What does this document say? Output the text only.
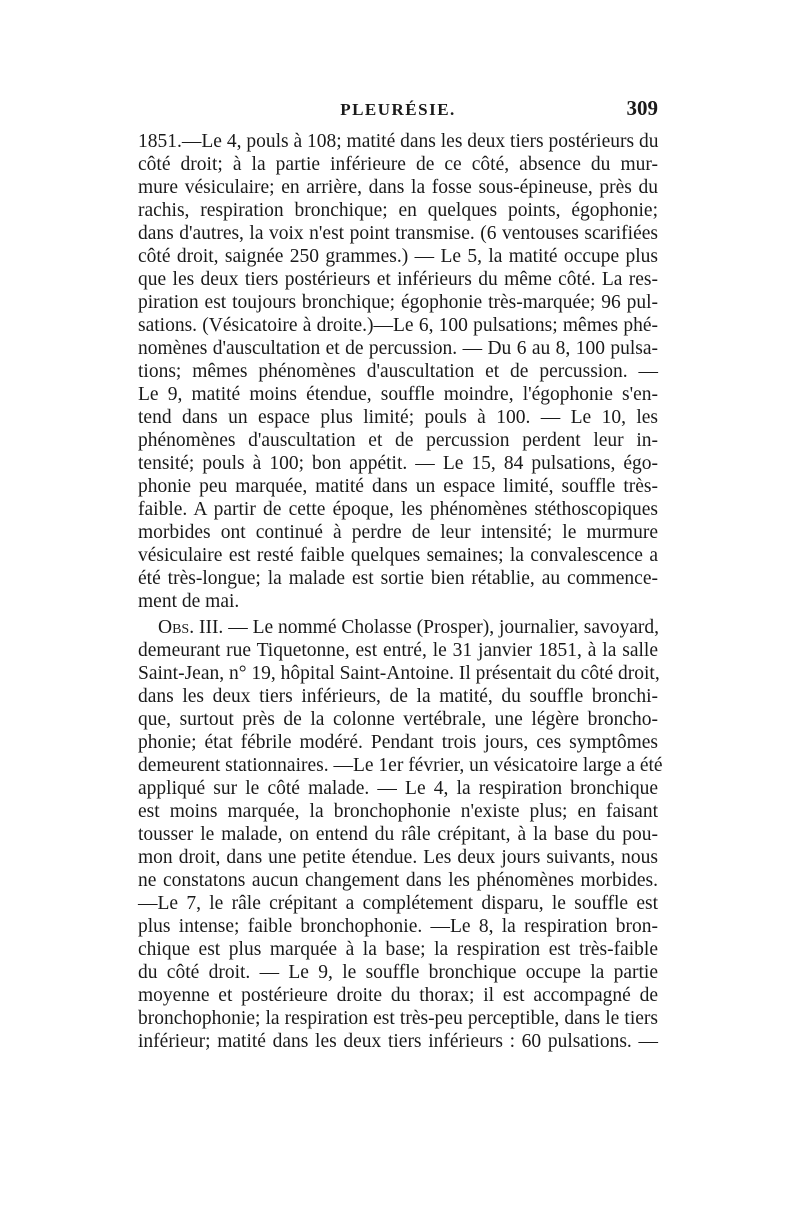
PLEURÉSIE.	309
1851.—Le 4, pouls à 108; matité dans les deux tiers postérieurs du
côté droit; à la partie inférieure de ce côté, absence du mur-
mure vésiculaire; en arrière, dans la fosse sous-épineuse, près du
rachis, respiration bronchique; en quelques points, égophonie;
dans d'autres, la voix n'est point transmise. (6 ventouses scarifiées
côté droit, saignée 250 grammes.) — Le 5, la matité occupe plus
que les deux tiers postérieurs et inférieurs du même côté. La res-
piration est toujours bronchique; égophonie très-marquée; 96 pul-
sations. (Vésicatoire à droite.)—Le 6, 100 pulsations; mêmes phé-
nomènes d'auscultation et de percussion. — Du 6 au 8, 100 pulsa-
tions; mêmes phénomènes d'auscultation et de percussion. —
Le 9, matité moins étendue, souffle moindre, l'égophonie s'en-
tend dans un espace plus limité; pouls à 100. — Le 10, les
phénomènes d'auscultation et de percussion perdent leur in-
tensité; pouls à 100; bon appétit. — Le 15, 84 pulsations, égo-
phonie peu marquée, matité dans un espace limité, souffle très-
faible. A partir de cette époque, les phénomènes stéthoscopiques
morbides ont continué à perdre de leur intensité; le murmure
vésiculaire est resté faible quelques semaines; la convalescence a
été très-longue; la malade est sortie bien rétablie, au commence-
ment de mai.
Obs. III. — Le nommé Cholasse (Prosper), journalier, savoyard,
demeurant rue Tiquetonne, est entré, le 31 janvier 1851, à la salle
Saint-Jean, n° 19, hôpital Saint-Antoine. Il présentait du côté droit,
dans les deux tiers inférieurs, de la matité, du souffle bronchi-
que, surtout près de la colonne vertébrale, une légère broncho-
phonie; état fébrile modéré. Pendant trois jours, ces symptômes
demeurent stationnaires. —Le 1er février, un vésicatoire large a été
appliqué sur le côté malade. — Le 4, la respiration bronchique
est moins marquée, la bronchophonie n'existe plus; en faisant
tousser le malade, on entend du râle crépitant, à la base du pou-
mon droit, dans une petite étendue. Les deux jours suivants, nous
ne constatons aucun changement dans les phénomènes morbides.
—Le 7, le râle crépitant a complétement disparu, le souffle est
plus intense; faible bronchophonie. —Le 8, la respiration bron-
chique est plus marquée à la base; la respiration est très-faible
du côté droit. — Le 9, le souffle bronchique occupe la partie
moyenne et postérieure droite du thorax; il est accompagné de
bronchophonie; la respiration est très-peu perceptible, dans le tiers
inférieur; matité dans les deux tiers inférieurs : 60 pulsations. —
